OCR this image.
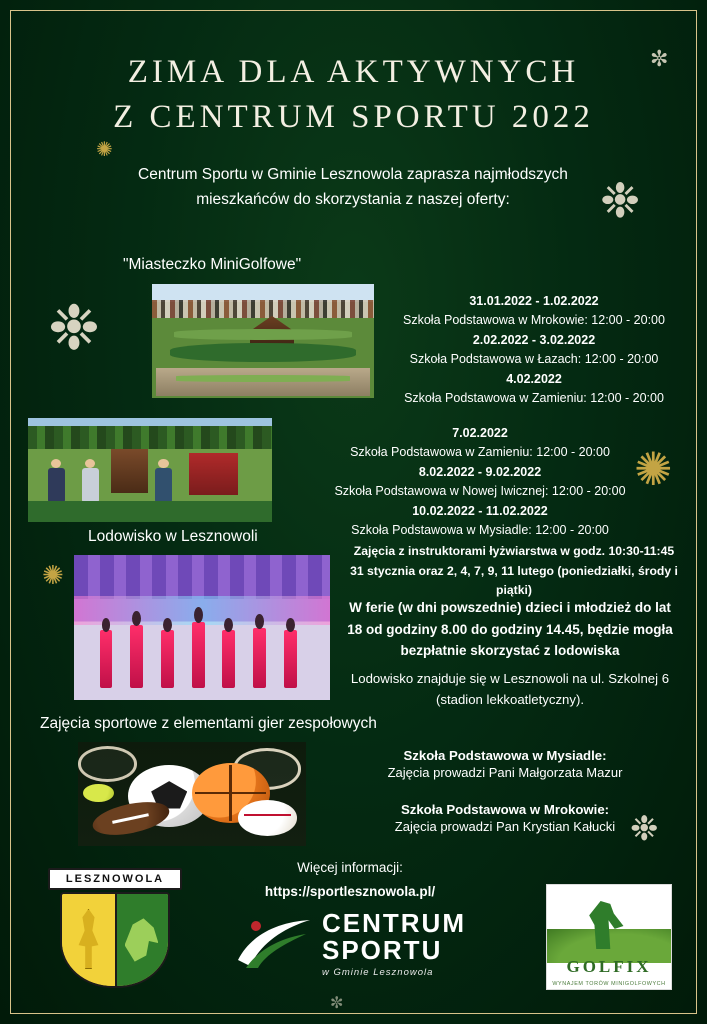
✼
✺
❉
❉
✺
✺
❉
✼
ZIMA DLA AKTYWNYCH
Z CENTRUM SPORTU 2022
Centrum Sportu w Gminie Lesznowola zaprasza najmłodszych mieszkańców do skorzystania z naszej oferty:
"Miasteczko MiniGolfowe"
31.01.2022 - 1.02.2022
Szkoła Podstawowa w Mrokowie: 12:00 - 20:00
2.02.2022 - 3.02.2022
Szkoła Podstawowa w Łazach: 12:00 - 20:00
4.02.2022
Szkoła Podstawowa w Zamieniu: 12:00 - 20:00
7.02.2022
Szkoła Podstawowa w Zamieniu: 12:00 - 20:00
8.02.2022 - 9.02.2022
Szkoła Podstawowa w Nowej Iwicznej: 12:00 - 20:00
10.02.2022 - 11.02.2022
Szkoła Podstawowa w Mysiadle: 12:00 - 20:00
Lodowisko w Lesznowoli
Zajęcia z instruktorami łyżwiarstwa w godz. 10:30-11:45
31 stycznia oraz 2, 4, 7, 9, 11 lutego (poniedziałki, środy i piątki)
W ferie (w dni powszednie) dzieci i młodzież do lat 18 od godziny 8.00 do godziny 14.45, będzie mogła bezpłatnie skorzystać z lodowiska
Lodowisko znajduje się w Lesznowoli na ul. Szkolnej 6 (stadion lekkoatletyczny).
Zajęcia sportowe z elementami gier zespołowych
Szkoła Podstawowa w Mysiadle:
Zajęcia prowadzi Pani Małgorzata Mazur
Szkoła Podstawowa w Mrokowie:
Zajęcia prowadzi Pan Krystian Kałucki
Więcej informacji:
https://sportlesznowola.pl/
LESZNOWOLA
CENTRUM
SPORTU
w Gminie Lesznowola	GOLFIX
WYNAJEM TORÓW MINIGOLFOWYCH
